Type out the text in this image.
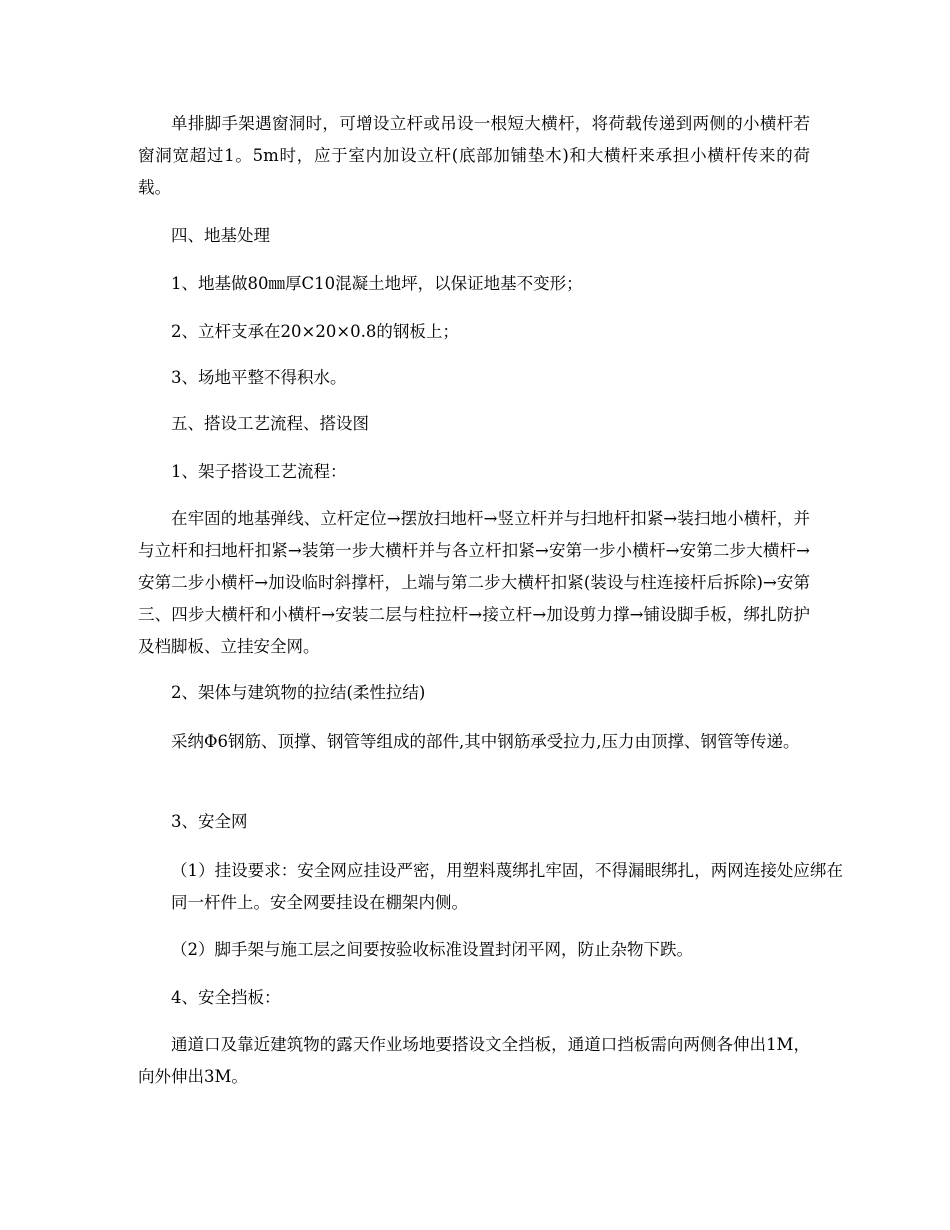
单排脚手架遇窗洞时，可增设立杆或吊设一根短大横杆，将荷载传递到两侧的小横杆若窗洞宽超过1。5m时，应于室内加设立杆(底部加铺垫木)和大横杆来承担小横杆传来的荷载。

四、地基处理

1、地基做80㎜厚C10混凝土地坪，以保证地基不变形；

2、立杆支承在20×20×0.8的钢板上；

3、场地平整不得积水。

五、搭设工艺流程、搭设图

1、架子搭设工艺流程：

在牢固的地基弹线、立杆定位→摆放扫地杆→竖立杆并与扫地杆扣紧→装扫地小横杆，并与立杆和扫地杆扣紧→装第一步大横杆并与各立杆扣紧→安第一步小横杆→安第二步大横杆→安第二步小横杆→加设临时斜撑杆，上端与第二步大横杆扣紧(装设与柱连接杆后拆除)→安第三、四步大横杆和小横杆→安装二层与柱拉杆→接立杆→加设剪力撑→铺设脚手板，绑扎防护及档脚板、立挂安全网。

2、架体与建筑物的拉结(柔性拉结)

采纳Φ6钢筋、顶撑、钢管等组成的部件,其中钢筋承受拉力,压力由顶撑、钢管等传递。

3、安全网

（1）挂设要求：安全网应挂设严密，用塑料蔑绑扎牢固，不得漏眼绑扎，两网连接处应绑在同一杆件上。安全网要挂设在棚架内侧。

（2）脚手架与施工层之间要按验收标准设置封闭平网，防止杂物下跌。

4、安全挡板：

通道口及靠近建筑物的露天作业场地要搭设文全挡板，通道口挡板需向两侧各伸出1M，向外伸出3M。
